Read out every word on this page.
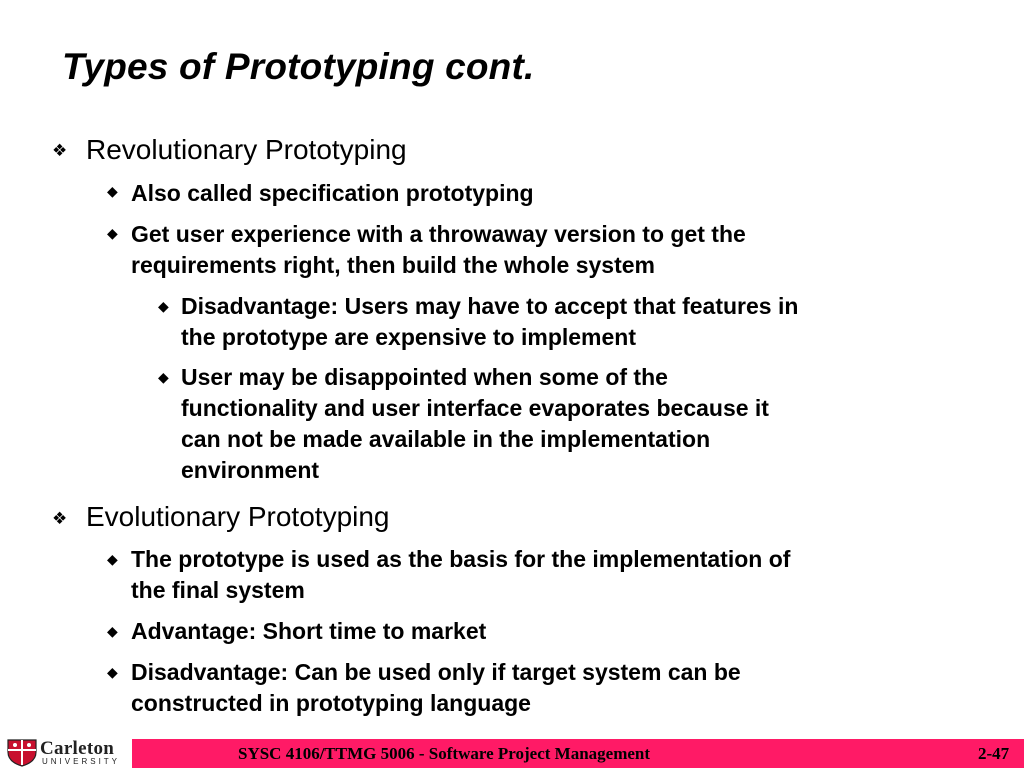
Types of Prototyping cont.
❖ Revolutionary Prototyping
◆ Also called specification prototyping
◆ Get user experience with a throwaway version to get the
requirements right, then build the whole system
◆ Disadvantage: Users may have to accept that features in
the prototype are expensive to implement
◆ User may be disappointed when some of the
functionality and user interface evaporates because it
can not be made available in the implementation
environment
❖ Evolutionary Prototyping
◆ The prototype is used as the basis for the implementation of
the final system
◆ Advantage: Short time to market
◆ Disadvantage: Can be used only if target system can be
constructed in prototyping language
Carleton
UNIVERSITY	SYSC 4106/TTMG 5006 - Software Project Management	2-47
